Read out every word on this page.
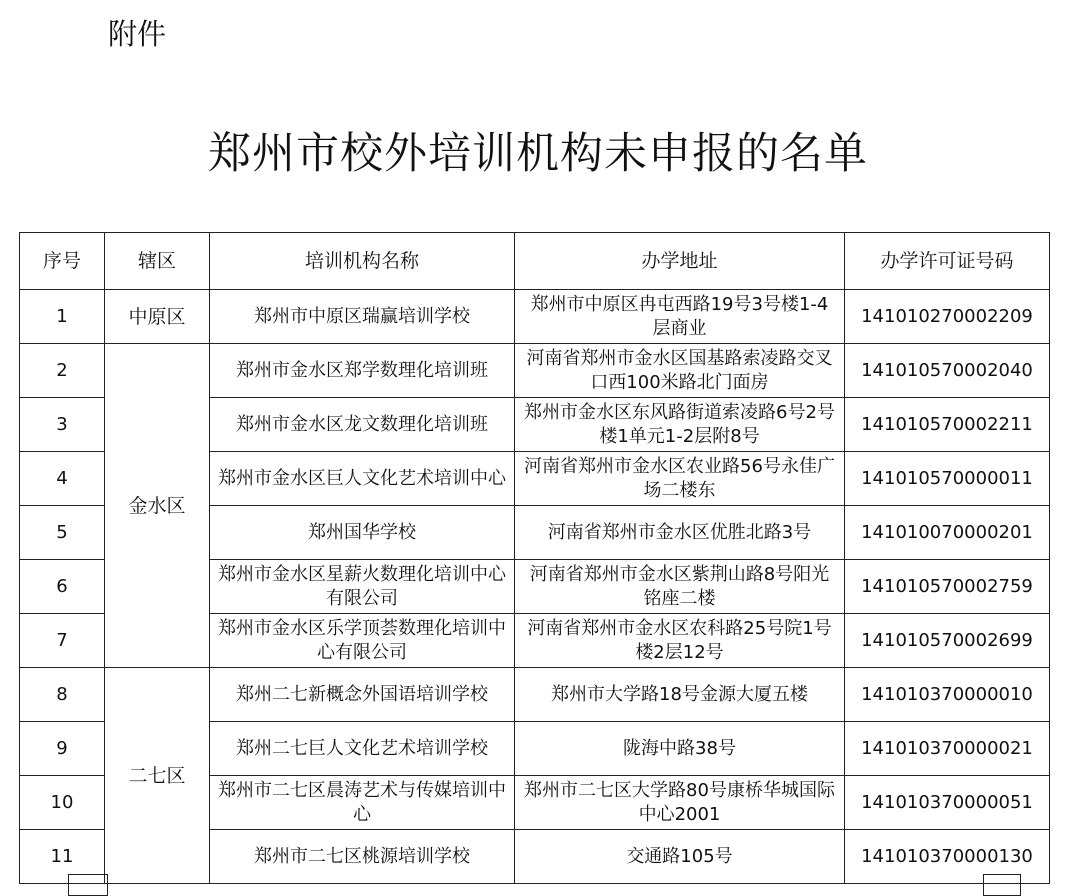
附件
郑州市校外培训机构未申报的名单
序号	辖区	培训机构名称	办学地址	办学许可证号码
1	中原区	郑州市中原区瑞赢培训学校	郑州市中原区冉屯西路19号3号楼1-4层商业	141010270002209
2	金水区	郑州市金水区郑学数理化培训班	河南省郑州市金水区国基路索凌路交叉口西100米路北门面房	141010570002040
3		郑州市金水区龙文数理化培训班	郑州市金水区东风路街道索凌路6号2号楼1单元1-2层附8号	141010570002211
4		郑州市金水区巨人文化艺术培训中心	河南省郑州市金水区农业路56号永佳广场二楼东	141010570000011
5		郑州国华学校	河南省郑州市金水区优胜北路3号	141010070000201
6		郑州市金水区星薪火数理化培训中心有限公司	河南省郑州市金水区紫荆山路8号阳光铭座二楼	141010570002759
7		郑州市金水区乐学顶荟数理化培训中心有限公司	河南省郑州市金水区农科路25号院1号楼2层12号	141010570002699
8	二七区	郑州二七新概念外国语培训学校	郑州市大学路18号金源大厦五楼	141010370000010
9		郑州二七巨人文化艺术培训学校	陇海中路38号	141010370000021
10		郑州市二七区晨涛艺术与传媒培训中心	郑州市二七区大学路80号康桥华城国际中心2001	141010370000051
11		郑州市二七区桃源培训学校	交通路105号	141010370000130
